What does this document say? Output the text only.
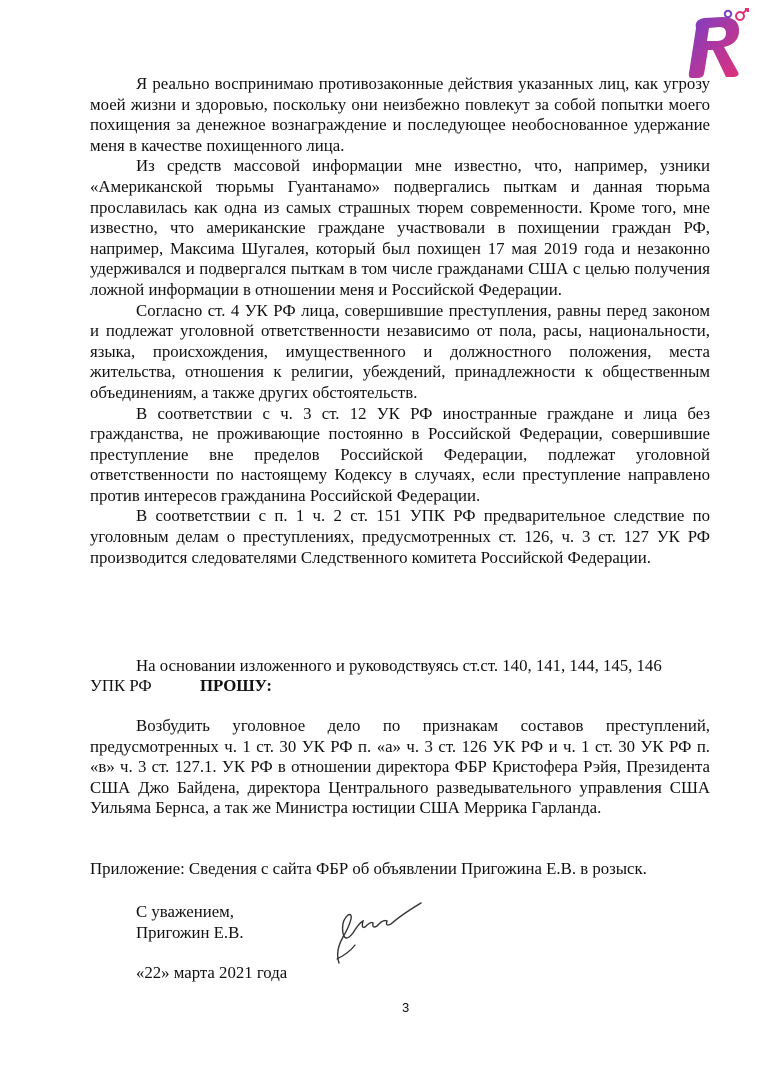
Я реально воспринимаю противозаконные действия указанных лиц, как угрозу моей жизни и здоровью, поскольку они неизбежно повлекут за собой попытки моего похищения за денежное вознаграждение и последующее необоснованное удержание меня в качестве похищенного лица.

Из средств массовой информации мне известно, что, например, узники «Американской тюрьмы Гуантанамо» подвергались пыткам и данная тюрьма прославилась как одна из самых страшных тюрем современности. Кроме того, мне известно, что американские граждане участвовали в похищении граждан РФ, например, Максима Шугалея, который был похищен 17 мая 2019 года и незаконно удерживался и подвергался пыткам в том числе гражданами США с целью получения ложной информации в отношении меня и Российской Федерации.

Согласно ст. 4 УК РФ лица, совершившие преступления, равны перед законом и подлежат уголовной ответственности независимо от пола, расы, национальности, языка, происхождения, имущественного и должностного положения, места жительства, отношения к религии, убеждений, принадлежности к общественным объединениям, а также других обстоятельств.

В соответствии с ч. 3 ст. 12 УК РФ иностранные граждане и лица без гражданства, не проживающие постоянно в Российской Федерации, совершившие преступление вне пределов Российской Федерации, подлежат уголовной ответственности по настоящему Кодексу в случаях, если преступление направлено против интересов гражданина Российской Федерации.

В соответствии с п. 1 ч. 2 ст. 151 УПК РФ предварительное следствие по уголовным делам о преступлениях, предусмотренных ст. 126, ч. 3 ст. 127 УК РФ производится следователями Следственного комитета Российской Федерации.

На основании изложенного и руководствуясь ст.ст. 140, 141, 144, 145, 146

УПК РФ	ПРОШУ:

Возбудить уголовное дело по признакам составов преступлений, предусмотренных ч. 1 ст. 30 УК РФ п. «а» ч. 3 ст. 126 УК РФ и ч. 1 ст. 30 УК РФ п. «в» ч. 3 ст. 127.1. УК РФ в отношении директора ФБР Кристофера Рэйя, Президента США Джо Байдена, директора Центрального разведывательного управления США Уильяма Бернса, а так же Министра юстиции США Меррика Гарланда.

Приложение: Сведения с сайта ФБР об объявлении Пригожина Е.В. в розыск.
С уважением,
Пригожин Е.В.
«22» марта 2021 года
3
